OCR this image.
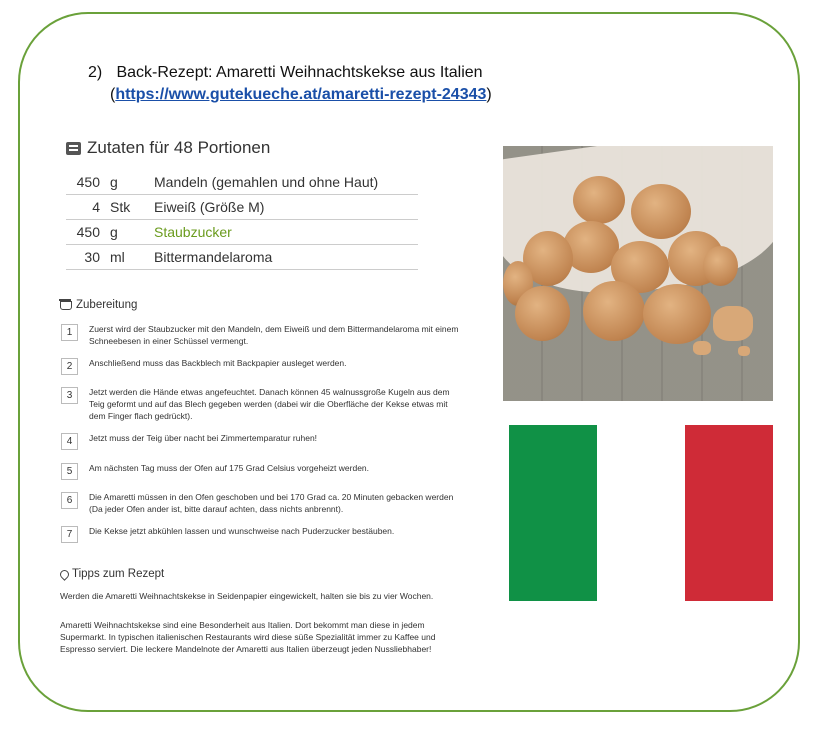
2) Back-Rezept: Amaretti Weihnachtskekse aus Italien
(https://www.gutekueche.at/amaretti-rezept-24343)
Zutaten für 48 Portionen
450	g	Mandeln (gemahlen und ohne Haut)
4	Stk	Eiweiß (Größe M)
450	g	Staubzucker
30	ml	Bittermandelaroma
Zubereitung
1	Zuerst wird der Staubzucker mit den Mandeln, dem Eiweiß und dem Bittermandelaroma mit einem Schneebesen in einer Schüssel vermengt.
2	Anschließend muss das Backblech mit Backpapier ausleget werden.
3	Jetzt werden die Hände etwas angefeuchtet. Danach können 45 walnussgroße Kugeln aus dem Teig geformt und auf das Blech gegeben werden (dabei wir die Oberfläche der Kekse etwas mit dem Finger flach gedrückt).
4	Jetzt muss der Teig über nacht bei Zimmertemparatur ruhen!
5	Am nächsten Tag muss der Ofen auf 175 Grad Celsius vorgeheizt werden.
6	Die Amaretti müssen in den Ofen geschoben und bei 170 Grad ca. 20 Minuten gebacken werden (Da jeder Ofen ander ist, bitte darauf achten, dass nichts anbrennt).
7	Die Kekse jetzt abkühlen lassen und wunschweise nach Puderzucker bestäuben.
Tipps zum Rezept

Werden die Amaretti Weihnachtskekse in Seidenpapier eingewickelt, halten sie bis zu vier Wochen.

Amaretti Weihnachtskekse sind eine Besonderheit aus Italien. Dort bekommt man diese in jedem Supermarkt. In typischen italienischen Restaurants wird diese süße Spezialität immer zu Kaffee und Espresso serviert. Die leckere Mandelnote der Amaretti aus Italien überzeugt jeden Nussliebhaber!
